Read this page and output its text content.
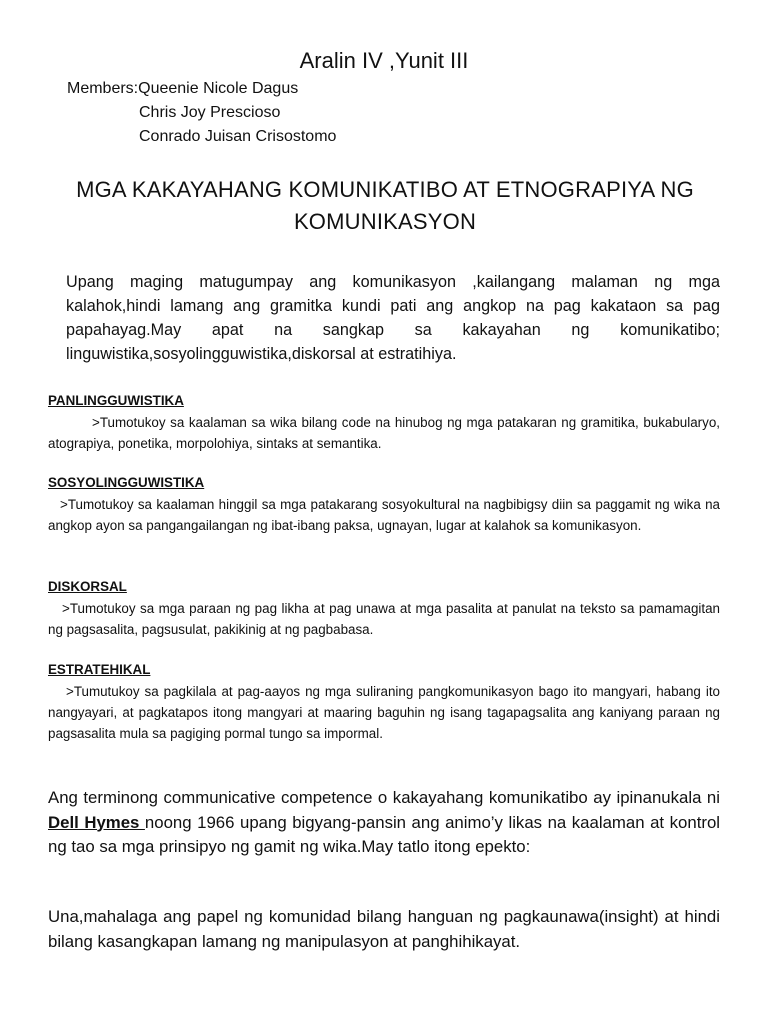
Aralin IV ,Yunit III
Members:Queenie Nicole Dagus
Chris Joy Prescioso
Conrado Juisan Crisostomo
MGA KAKAYAHANG KOMUNIKATIBO AT ETNOGRAPIYA NG KOMUNIKASYON

Upang maging matugumpay ang komunikasyon ,kailangang malaman ng mga kalahok,hindi lamang ang gramitka kundi pati ang angkop na pag kakataon sa pag papahayag.May apat na sangkap sa kakayahan ng komunikatibo; linguwistika,sosyolingguwistika,diskorsal at estratihiya.

PANLINGGUWISTIKA

>Tumotukoy sa kaalaman sa wika bilang code na hinubog ng mga patakaran ng gramitika, bukabularyo, atograpiya, ponetika, morpolohiya, sintaks at semantika.

SOSYOLINGGUWISTIKA

>Tumotukoy sa kaalaman hinggil sa mga patakarang sosyokultural na nagbibigsy diin sa paggamit ng wika na angkop ayon sa pangangailangan ng ibat-ibang paksa, ugnayan, lugar at kalahok sa komunikasyon.

DISKORSAL

>Tumotukoy sa mga paraan ng pag likha at pag unawa at mga pasalita at panulat na teksto sa pamamagitan ng pagsasalita, pagsusulat, pakikinig at ng pagbabasa.

ESTRATEHIKAL

>Tumutukoy sa pagkilala at pag-aayos ng mga suliraning pangkomunikasyon bago ito mangyari, habang ito nangyayari, at pagkatapos itong mangyari at maaring baguhin ng isang tagapagsalita ang kaniyang paraan ng pagsasalita mula sa pagiging pormal tungo sa impormal.

Ang terminong communicative competence o kakayahang komunikatibo ay ipinanukala ni Dell Hymes noong 1966 upang bigyang-pansin ang animo’y likas na kaalaman at kontrol ng tao sa mga prinsipyo ng gamit ng wika.May tatlo itong epekto:
Una,mahalaga ang papel ng komunidad bilang hanguan ng pagkaunawa(insight) at hindi bilang kasangkapan lamang ng manipulasyon at panghihikayat.
